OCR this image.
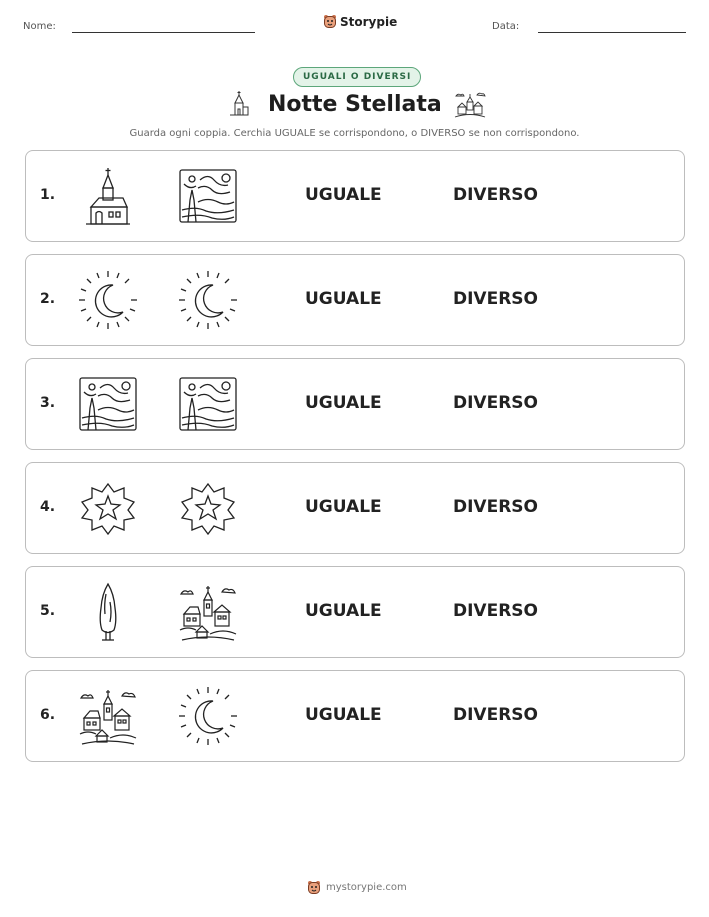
Nome:	Storypie	Data:
UGUALI O DIVERSI
Notte Stellata
Guarda ogni coppia. Cerchia UGUALE se corrispondono, o DIVERSO se non corrispondono.
1.	UGUALE	DIVERSO
2.	UGUALE	DIVERSO
3.	UGUALE	DIVERSO
4.	UGUALE	DIVERSO
5.	UGUALE	DIVERSO
6.	UGUALE	DIVERSO
mystorypie.com
